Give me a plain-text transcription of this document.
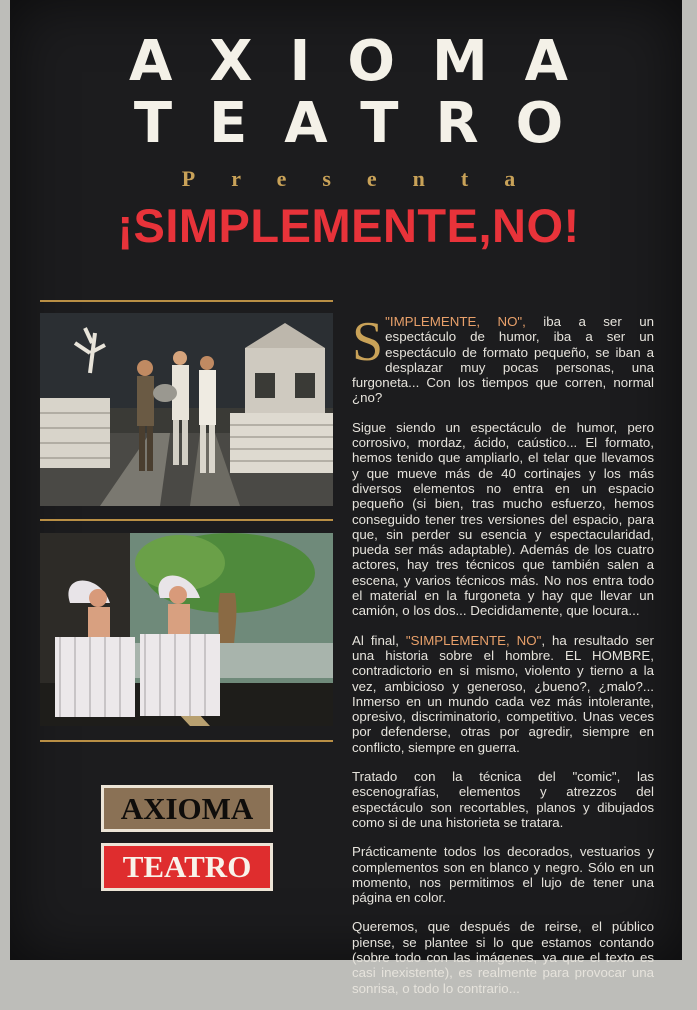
AXIOMA
TEATRO
Presenta
¡SIMPLEMENTE,NO!
AXIOMA
TEATRO

S "IMPLEMENTE, NO", iba a ser un espectáculo de humor, iba a ser un espectáculo de formato pequeño, se iban a desplazar muy pocas personas, una furgoneta... Con los tiempos que corren, normal ¿no?

Sigue siendo un espectáculo de humor, pero corrosivo, mordaz, ácido, caústico... El formato, hemos tenido que ampliarlo, el telar que llevamos y que mueve más de 40 cortinajes y los más diversos elementos no entra en un espacio pequeño (si bien, tras mucho esfuerzo, hemos conseguido tener tres versiones del espacio, para que, sin perder su esencia y espectacularidad, pueda ser más adaptable). Además de los cuatro actores, hay tres técnicos que también salen a escena, y varios técnicos más. No nos entra todo el material en la furgoneta y hay que llevar un camión, o los dos... Decididamente, que locura...

Al final, "SIMPLEMENTE, NO", ha resultado ser una historia sobre el hombre. EL HOMBRE, contradictorio en si mismo, violento y tierno a la vez, ambicioso y generoso, ¿bueno?, ¿malo?... Inmerso en un mundo cada vez más intolerante, opresivo, discriminatorio, competitivo. Unas veces por defenderse, otras por agredir, siempre en conflicto, siempre en guerra.

Tratado con la técnica del "comic", las escenografías, elementos y atrezzos del espectáculo son recortables, planos y dibujados como si de una historieta se tratara.

Prácticamente todos los decorados, vestuarios y complementos son en blanco y negro. Sólo en un momento, nos permitimos el lujo de tener una página en color.

Queremos, que después de reirse, el público piense, se plantee si lo que estamos contando (sobre todo con las imágenes, ya que el texto es casi inexistente), es realmente para provocar una sonrisa, o todo lo contrario...
